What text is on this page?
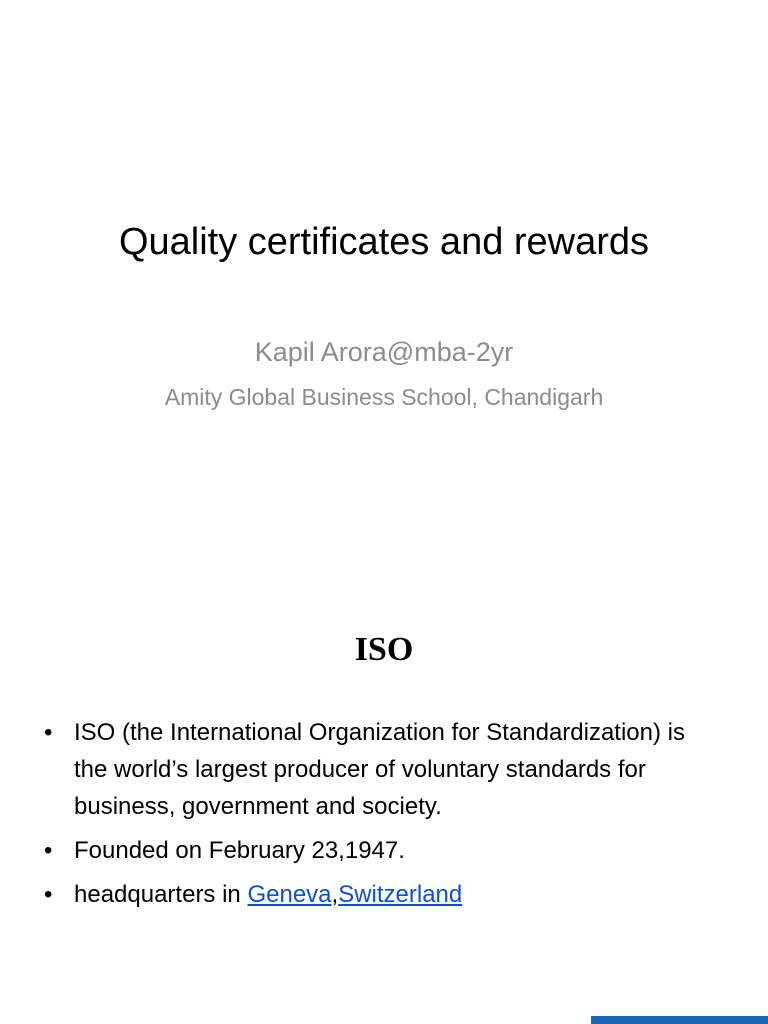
Quality certificates and rewards
Kapil Arora@mba-2yr
Amity Global Business School, Chandigarh
ISO
• ISO (the International Organization for Standardization) is the world’s largest producer of voluntary standards for business, government and society.
• Founded on February 23,1947.
• headquarters in Geneva,Switzerland
